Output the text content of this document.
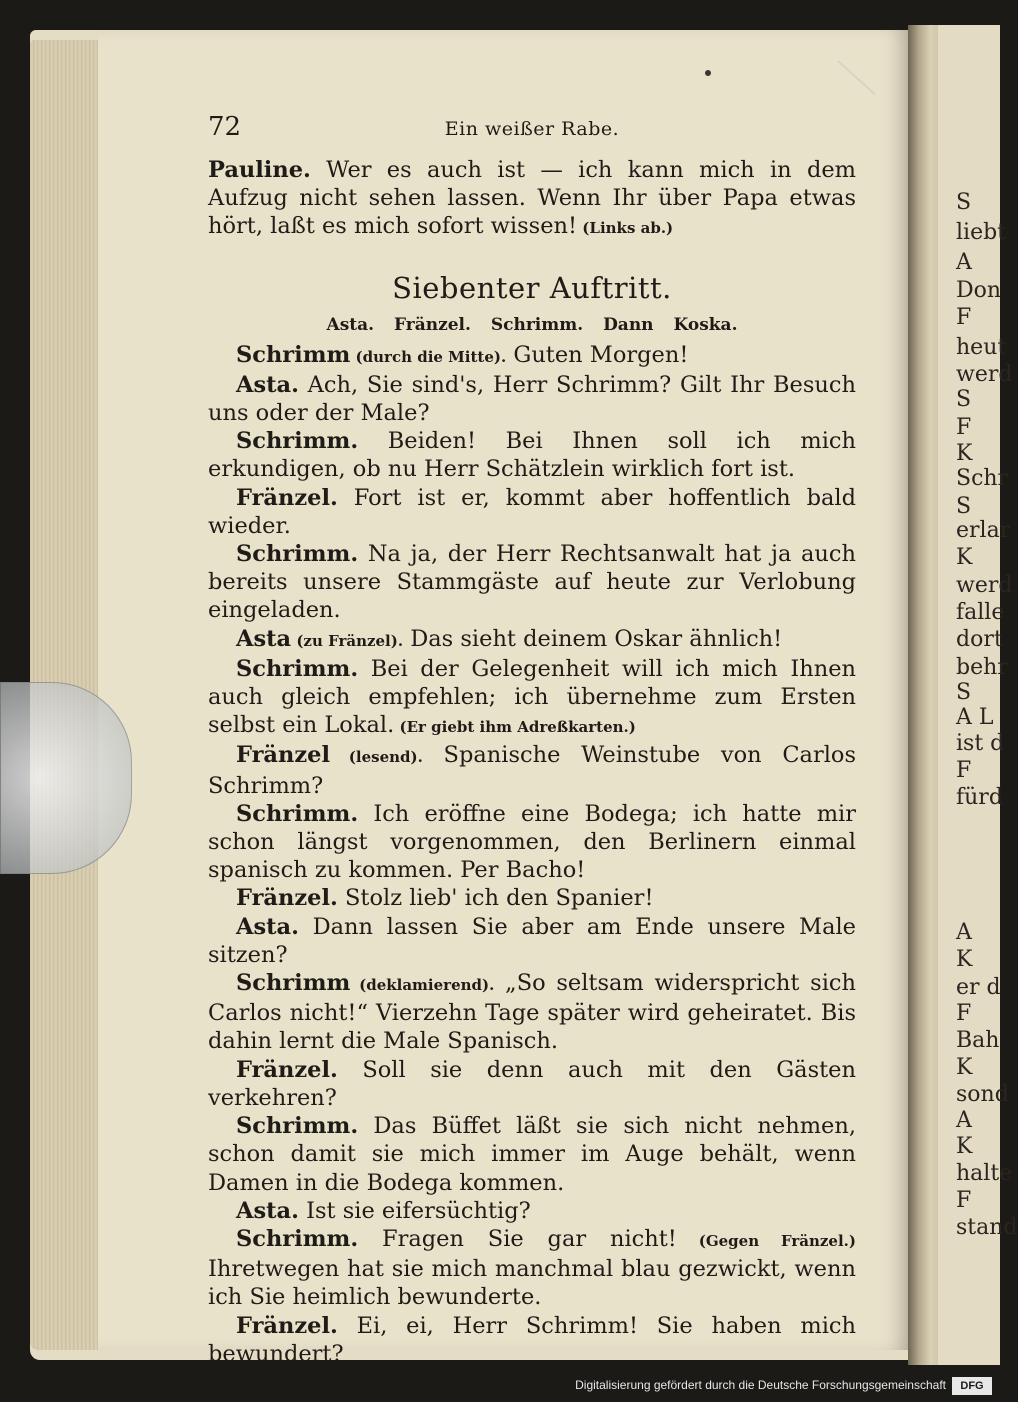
S
liebt
A
Don
F
heut
werd
S
F
K
Schr
S
erlar
K
werd
falle
dort
behr
S
A L
ist d
F
fürd
A
K
er d
F
Bah
K
sond
A
K
halte
F
stand
72	Ein weißer Rabe.

Pauline. Wer es auch ist — ich kann mich in dem Aufzug nicht sehen lassen. Wenn Ihr über Papa etwas hört, laßt es mich sofort wissen! (Links ab.)

Siebenter Auftritt.
Asta. Fränzel. Schrimm. Dann Koska.

Schrimm (durch die Mitte). Guten Morgen!

Asta. Ach, Sie sind's, Herr Schrimm? Gilt Ihr Besuch uns oder der Male?

Schrimm. Beiden! Bei Ihnen soll ich mich erkundigen, ob nu Herr Schätzlein wirklich fort ist.

Fränzel. Fort ist er, kommt aber hoffentlich bald wieder.

Schrimm. Na ja, der Herr Rechtsanwalt hat ja auch bereits unsere Stammgäste auf heute zur Verlobung eingeladen.

Asta (zu Fränzel). Das sieht deinem Oskar ähnlich!

Schrimm. Bei der Gelegenheit will ich mich Ihnen auch gleich empfehlen; ich übernehme zum Ersten selbst ein Lokal. (Er giebt ihm Adreßkarten.)

Fränzel (lesend). Spanische Weinstube von Carlos Schrimm?

Schrimm. Ich eröffne eine Bodega; ich hatte mir schon längst vorgenommen, den Berlinern einmal spanisch zu kommen. Per Bacho!

Fränzel. Stolz lieb' ich den Spanier!

Asta. Dann lassen Sie aber am Ende unsere Male sitzen?

Schrimm (deklamierend). „So seltsam widerspricht sich Carlos nicht!“ Vierzehn Tage später wird geheiratet. Bis dahin lernt die Male Spanisch.

Fränzel. Soll sie denn auch mit den Gästen verkehren?

Schrimm. Das Büffet läßt sie sich nicht nehmen, schon damit sie mich immer im Auge behält, wenn Damen in die Bodega kommen.

Asta. Ist sie eifersüchtig?

Schrimm. Fragen Sie gar nicht! (Gegen Fränzel.) Ihretwegen hat sie mich manchmal blau gezwickt, wenn ich Sie heimlich bewunderte.

Fränzel. Ei, ei, Herr Schrimm! Sie haben mich bewundert?

Digitalisierung gefördert durch die Deutsche Forschungsgemeinschaft	DFG
